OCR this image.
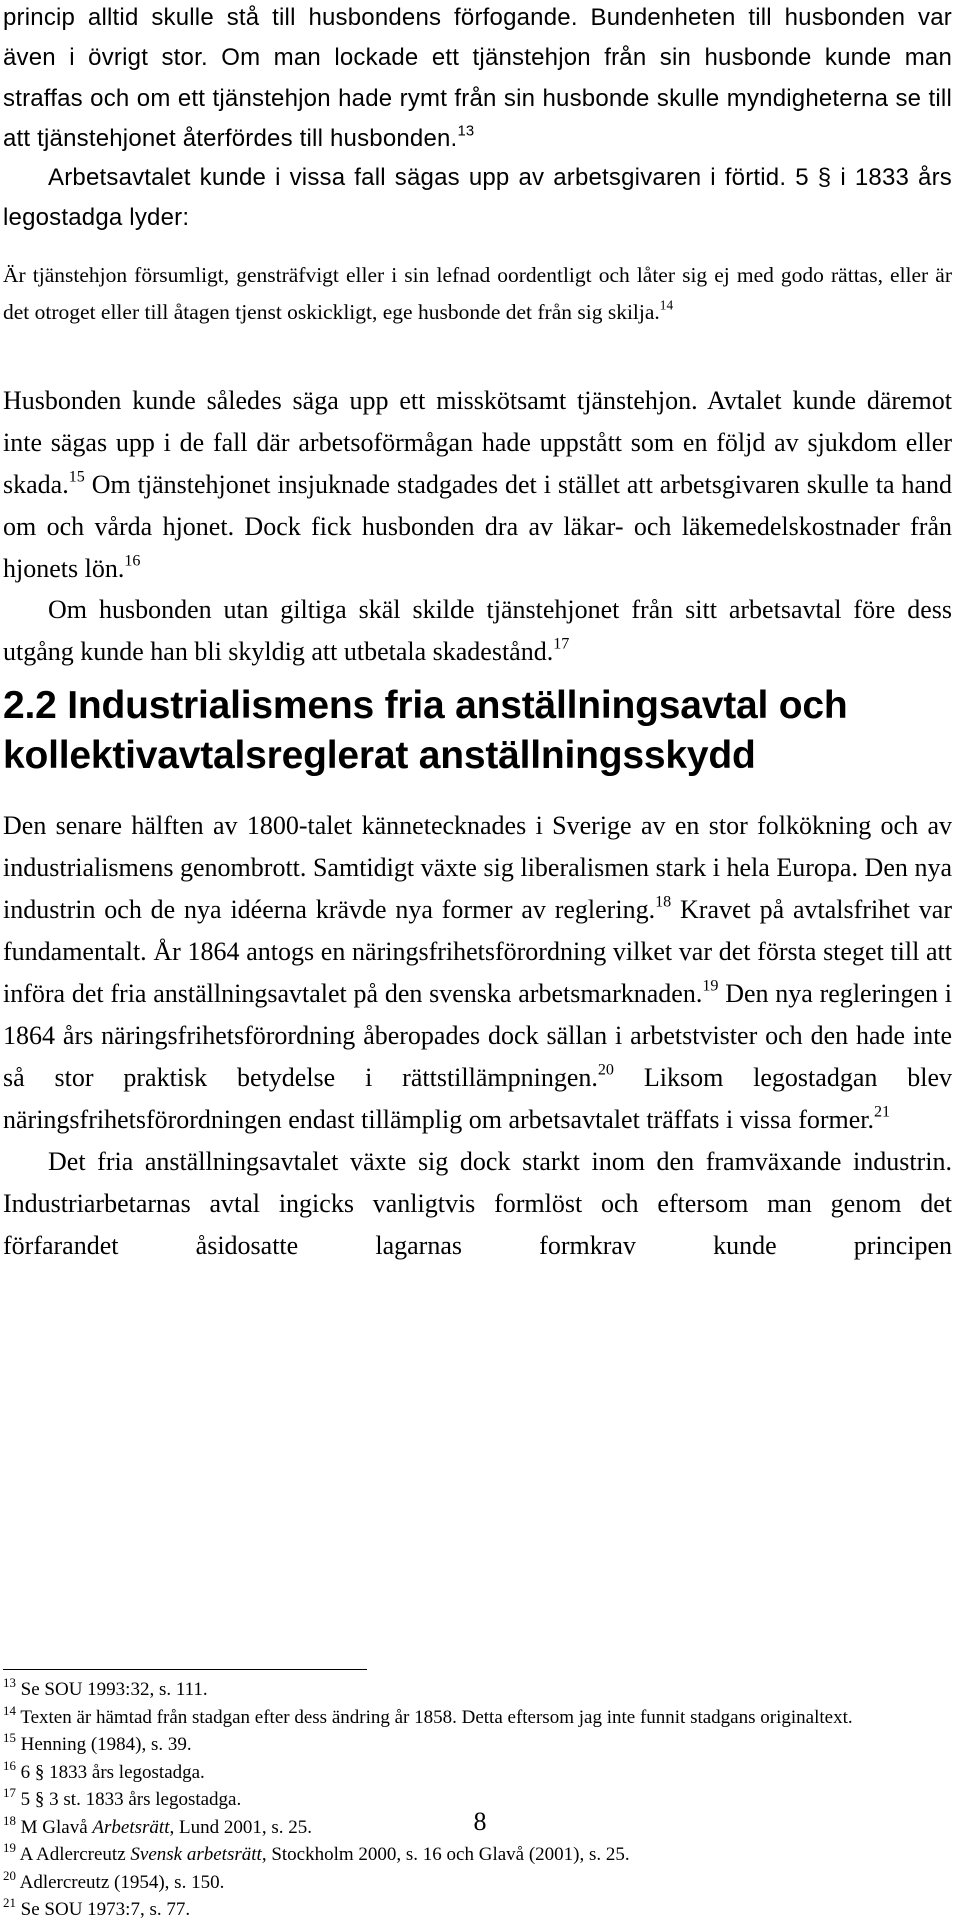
princip alltid skulle stå till husbondens förfogande. Bundenheten till husbonden var även i övrigt stor. Om man lockade ett tjänstehjon från sin husbonde kunde man straffas och om ett tjänstehjon hade rymt från sin husbonde skulle myndigheterna se till att tjänstehjonet återfördes till husbonden.$^{13}$

Arbetsavtalet kunde i vissa fall sägas upp av arbetsgivaren i förtid. 5 § i 1833 års legostadga lyder:

Är tjänstehjon försumligt, gensträfvigt eller i sin lefnad oordentligt och låter sig ej med godo rättas, eller är det otroget eller till åtagen tjenst oskickligt, ege husbonde det från sig skilja.$^{14}$

Husbonden kunde således säga upp ett misskötsamt tjänstehjon. Avtalet kunde däremot inte sägas upp i de fall där arbetsoförmågan hade uppstått som en följd av sjukdom eller skada.$^{15}$ Om tjänstehjonet insjuknade stadgades det i stället att arbetsgivaren skulle ta hand om och vårda hjonet. Dock fick husbonden dra av läkar- och läkemedelskostnader från hjonets lön.$^{16}$

Om husbonden utan giltiga skäl skilde tjänstehjonet från sitt arbetsavtal före dess utgång kunde han bli skyldig att utbetala skadestånd.$^{17}$

2.2 Industrialismens fria anställningsavtal och
kollektivavtalsreglerat anställningsskydd

Den senare hälften av 1800-talet kännetecknades i Sverige av en stor folkökning och av industrialismens genombrott. Samtidigt växte sig liberalismen stark i hela Europa. Den nya industrin och de nya idéerna krävde nya former av reglering.$^{18}$ Kravet på avtalsfrihet var fundamentalt. År 1864 antogs en näringsfrihetsförordning vilket var det första steget till att införa det fria anställningsavtalet på den svenska arbetsmarknaden.$^{19}$ Den nya regleringen i 1864 års näringsfrihetsförordning åberopades dock sällan i arbetstvister och den hade inte så stor praktisk betydelse i rättstillämpningen.$^{20}$ Liksom legostadgan blev näringsfrihetsförordningen endast tillämplig om arbetsavtalet träffats i vissa former.$^{21}$

Det fria anställningsavtalet växte sig dock starkt inom den framväxande industrin. Industriarbetarnas avtal ingicks vanligtvis formlöst och eftersom man genom det förfarandet åsidosatte lagarnas formkrav kunde principen

$^{13}$ Se SOU 1993:32, s. 111.

$^{14}$ Texten är hämtad från stadgan efter dess ändring år 1858. Detta eftersom jag inte funnit stadgans originaltext.

$^{15}$ Henning (1984), s. 39.

$^{16}$ 6 § 1833 års legostadga.

$^{17}$ 5 § 3 st. 1833 års legostadga.

$^{18}$ M Glavå Arbetsrätt, Lund 2001, s. 25.

$^{19}$ A Adlercreutz Svensk arbetsrätt, Stockholm 2000, s. 16 och Glavå (2001), s. 25.

$^{20}$ Adlercreutz (1954), s. 150.

$^{21}$ Se SOU 1973:7, s. 77.

8
